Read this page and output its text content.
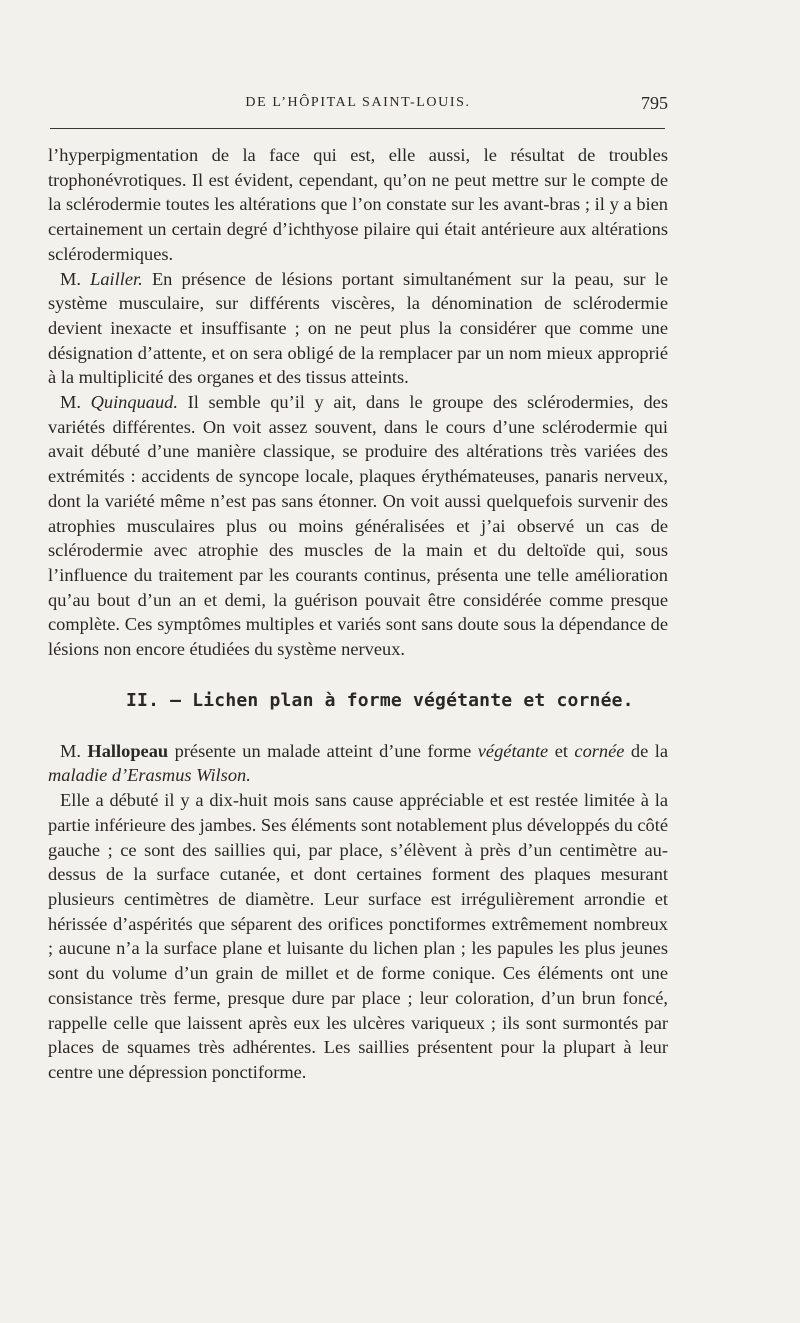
DE L’HÔPITAL SAINT-LOUIS.	795

l’hyperpigmentation de la face qui est, elle aussi, le résultat de troubles trophonévrotiques. Il est évident, cependant, qu’on ne peut mettre sur le compte de la sclérodermie toutes les altérations que l’on constate sur les avant-bras ; il y a bien certainement un certain degré d’ichthyose pilaire qui était antérieure aux altérations sclérodermiques.

M. Lailler. En présence de lésions portant simultanément sur la peau, sur le système musculaire, sur différents viscères, la dénomination de sclérodermie devient inexacte et insuffisante ; on ne peut plus la considérer que comme une désignation d’attente, et on sera obligé de la remplacer par un nom mieux approprié à la multiplicité des organes et des tissus atteints.

M. Quinquaud. Il semble qu’il y ait, dans le groupe des sclérodermies, des variétés différentes. On voit assez souvent, dans le cours d’une sclérodermie qui avait débuté d’une manière classique, se produire des altérations très variées des extrémités : accidents de syncope locale, plaques érythémateuses, panaris nerveux, dont la variété même n’est pas sans étonner. On voit aussi quelquefois survenir des atrophies musculaires plus ou moins généralisées et j’ai observé un cas de sclérodermie avec atrophie des muscles de la main et du deltoïde qui, sous l’influence du traitement par les courants continus, présenta une telle amélioration qu’au bout d’un an et demi, la guérison pouvait être considérée comme presque complète. Ces symptômes multiples et variés sont sans doute sous la dépendance de lésions non encore étudiées du système nerveux.

II. — Lichen plan à forme végétante et cornée.

M. Hallopeau présente un malade atteint d’une forme végétante et cornée de la maladie d’Erasmus Wilson.

Elle a débuté il y a dix-huit mois sans cause appréciable et est restée limitée à la partie inférieure des jambes. Ses éléments sont notablement plus développés du côté gauche ; ce sont des saillies qui, par place, s’élèvent à près d’un centimètre au-dessus de la surface cutanée, et dont certaines forment des plaques mesurant plusieurs centimètres de diamètre. Leur surface est irrégulièrement arrondie et hérissée d’aspérités que séparent des orifices ponctiformes extrêmement nombreux ; aucune n’a la surface plane et luisante du lichen plan ; les papules les plus jeunes sont du volume d’un grain de millet et de forme conique. Ces éléments ont une consistance très ferme, presque dure par place ; leur coloration, d’un brun foncé, rappelle celle que laissent après eux les ulcères variqueux ; ils sont surmontés par places de squames très adhérentes. Les saillies présentent pour la plupart à leur centre une dépression ponctiforme.
